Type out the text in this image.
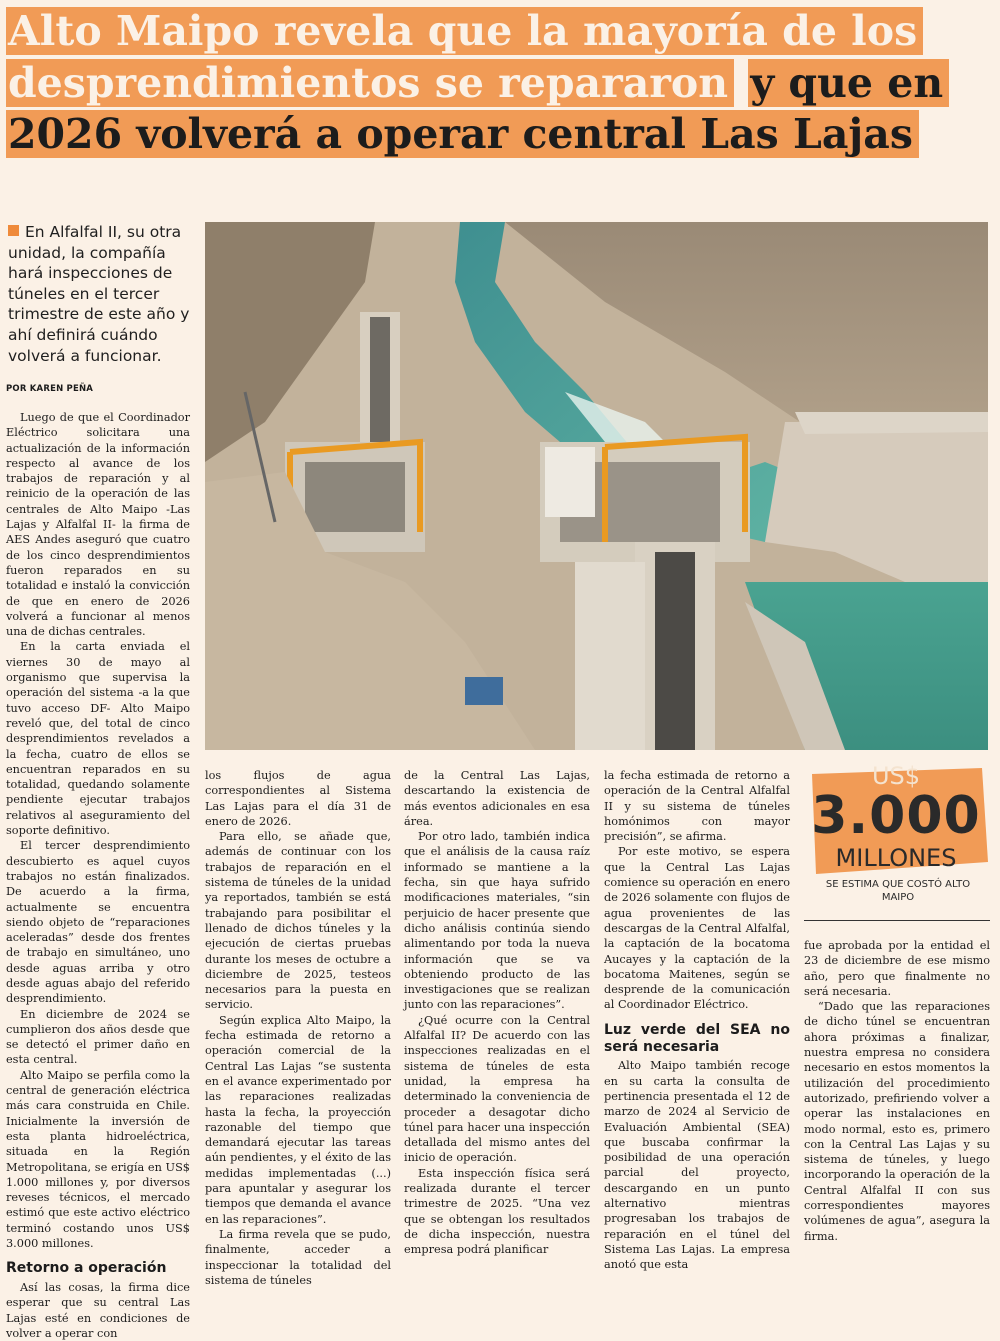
Alto Maipo revela que la mayoría de los desprendimientos se repararon y que en 2026 volverá a operar central Las Lajas
En Alfalfal II, su otra unidad, la compañía hará inspecciones de túneles en el tercer trimestre de este año y ahí definirá cuándo volverá a funcionar.
POR KAREN PEÑA

Luego de que el Coordinador Eléctrico solicitara una actualización de la información respecto al avance de los trabajos de reparación y al reinicio de la operación de las centrales de Alto Maipo -Las Lajas y Alfalfal II- la firma de AES Andes aseguró que cuatro de los cinco desprendimientos fueron reparados en su totalidad e instaló la convicción de que en enero de 2026 volverá a funcionar al menos una de dichas centrales.

En la carta enviada el viernes 30 de mayo al organismo que supervisa la operación del sistema -a la que tuvo acceso DF- Alto Maipo reveló que, del total de cinco desprendimientos revelados a la fecha, cuatro de ellos se encuentran reparados en su totalidad, quedando solamente pendiente ejecutar trabajos relativos al aseguramiento del soporte definitivo.

El tercer desprendimiento descubierto es aquel cuyos trabajos no están finalizados. De acuerdo a la firma, actualmente se encuentra siendo objeto de “reparaciones aceleradas” desde dos frentes de trabajo en simultáneo, uno desde aguas arriba y otro desde aguas abajo del referido desprendimiento.

En diciembre de 2024 se cumplieron dos años desde que se detectó el primer daño en esta central.

Alto Maipo se perfila como la central de generación eléctrica más cara construida en Chile. Inicialmente la inversión de esta planta hidroeléctrica, situada en la Región Metropolitana, se erigía en US$ 1.000 millones y, por diversos reveses técnicos, el mercado estimó que este activo eléctrico terminó costando unos US$ 3.000 millones.

Retorno a operación

Así las cosas, la firma dice esperar que su central Las Lajas esté en condiciones de volver a operar con

los flujos de agua correspondientes al Sistema Las Lajas para el día 31 de enero de 2026.

Para ello, se añade que, además de continuar con los trabajos de reparación en el sistema de túneles de la unidad ya reportados, también se está trabajando para posibilitar el llenado de dichos túneles y la ejecución de ciertas pruebas durante los meses de octubre a diciembre de 2025, testeos necesarios para la puesta en servicio.

Según explica Alto Maipo, la fecha estimada de retorno a operación comercial de la Central Las Lajas “se sustenta en el avance experimentado por las reparaciones realizadas hasta la fecha, la proyección razonable del tiempo que demandará ejecutar las tareas aún pendientes, y el éxito de las medidas implementadas (...) para apuntalar y asegurar los tiempos que demanda el avance en las reparaciones”.

La firma revela que se pudo, finalmente, acceder a inspeccionar la totalidad del sistema de túneles

de la Central Las Lajas, descartando la existencia de más eventos adicionales en esa área.

Por otro lado, también indica que el análisis de la causa raíz informado se mantiene a la fecha, sin que haya sufrido modificaciones materiales, “sin perjuicio de hacer presente que dicho análisis continúa siendo alimentando por toda la nueva información que se va obteniendo producto de las investigaciones que se realizan junto con las reparaciones”.

¿Qué ocurre con la Central Alfalfal II? De acuerdo con las inspecciones realizadas en el sistema de túneles de esta unidad, la empresa ha determinado la conveniencia de proceder a desagotar dicho túnel para hacer una inspección detallada del mismo antes del inicio de operación.

Esta inspección física será realizada durante el tercer trimestre de 2025. “Una vez que se obtengan los resultados de dicha inspección, nuestra empresa podrá planificar

la fecha estimada de retorno a operación de la Central Alfalfal II y su sistema de túneles homónimos con mayor precisión”, se afirma.

Por este motivo, se espera que la Central Las Lajas comience su operación en enero de 2026 solamente con flujos de agua provenientes de las descargas de la Central Alfalfal, la captación de la bocatoma Aucayes y la captación de la bocatoma Maitenes, según se desprende de la comunicación al Coordinador Eléctrico.

Luz verde del SEA no será necesaria

Alto Maipo también recoge en su carta la consulta de pertinencia presentada el 12 de marzo de 2024 al Servicio de Evaluación Ambiental (SEA) que buscaba confirmar la posibilidad de una operación parcial del proyecto, descargando en un punto alternativo mientras progresaban los trabajos de reparación en el túnel del Sistema Las Lajas. La empresa anotó que esta

US$
3.000
MILLONES
SE ESTIMA QUE COSTÓ ALTO MAIPO

fue aprobada por la entidad el 23 de diciembre de ese mismo año, pero que finalmente no será necesaria.

“Dado que las reparaciones de dicho túnel se encuentran ahora próximas a finalizar, nuestra empresa no considera necesario en estos momentos la utilización del procedimiento autorizado, prefiriendo volver a operar las instalaciones en modo normal, esto es, primero con la Central Las Lajas y su sistema de túneles, y luego incorporando la operación de la Central Alfalfal II con sus correspondientes mayores volúmenes de agua”, asegura la firma.
